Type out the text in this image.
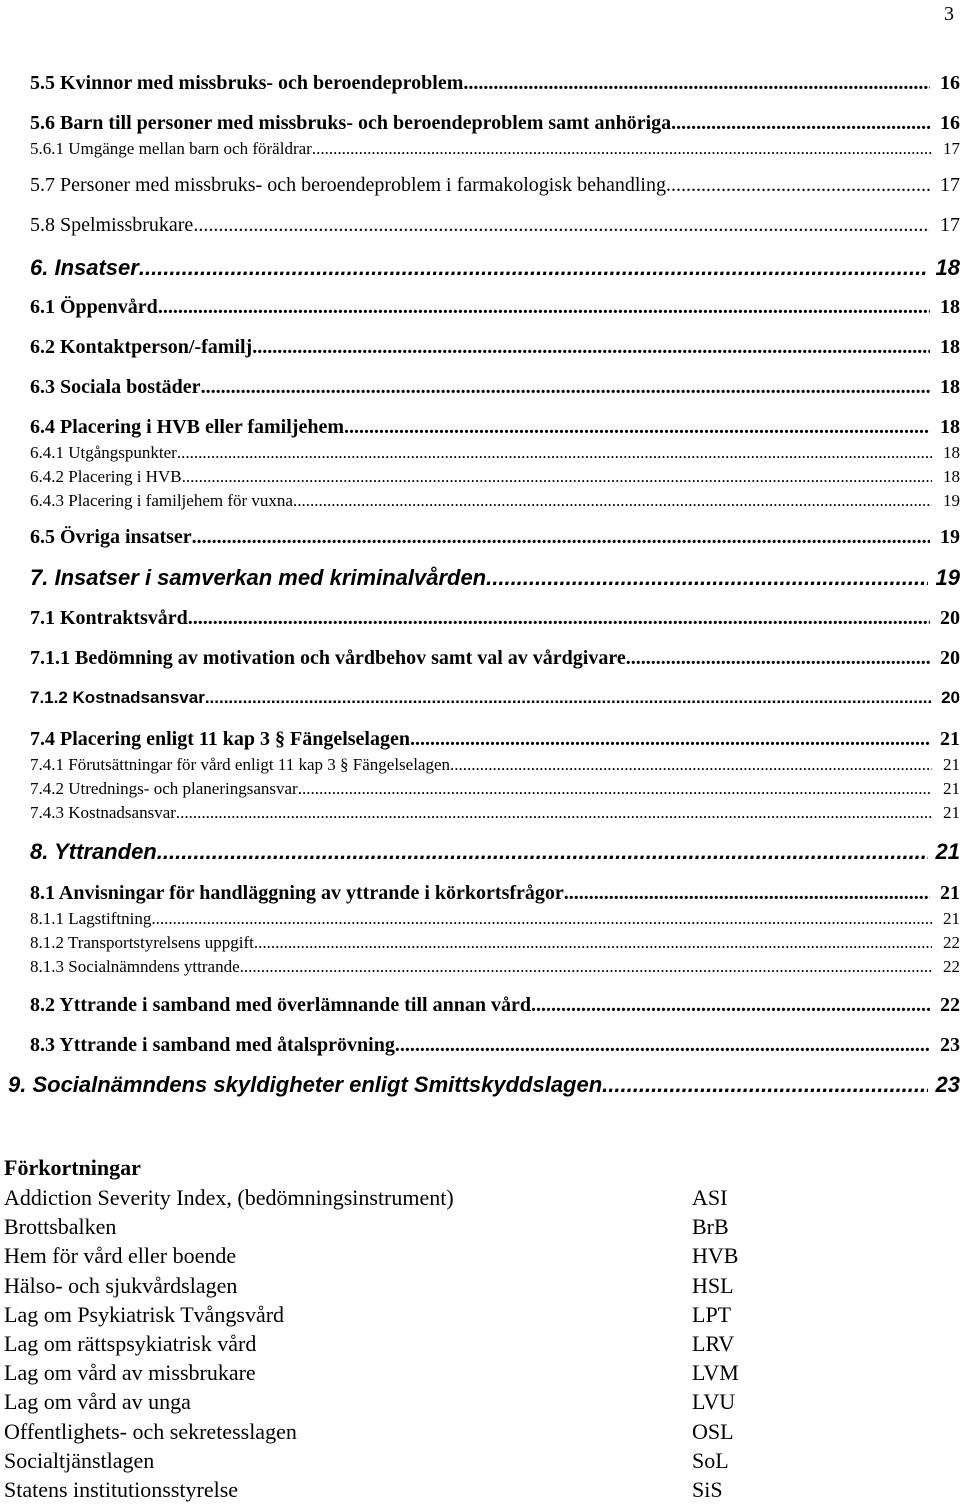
3
5.5 Kvinnor med missbruks- och beroendeproblem .....	16
5.6 Barn till personer med missbruks- och beroendeproblem samt anhöriga .....	16
5.6.1 Umgänge mellan barn och föräldrar .....	17
5.7 Personer med missbruks- och beroendeproblem i farmakologisk behandling .....	17
5.8 Spelmissbrukare .....	17
6. Insatser .....	18
6.1 Öppenvård .....	18
6.2 Kontaktperson/-familj .....	18
6.3 Sociala bostäder .....	18
6.4 Placering i HVB eller familjehem .....	18
6.4.1 Utgångspunkter .....	18
6.4.2 Placering i HVB .....	18
6.4.3 Placering i familjehem för vuxna .....	19
6.5 Övriga insatser .....	19
7. Insatser i samverkan med kriminalvården .....	19
7.1 Kontraktsvård .....	20
7.1.1 Bedömning av motivation och vårdbehov samt val av vårdgivare .....	20
7.1.2 Kostnadsansvar .....	20
7.4 Placering enligt 11 kap 3 § Fängelselagen .....	21
7.4.1 Förutsättningar för vård enligt 11 kap 3 § Fängelselagen .....	21
7.4.2 Utrednings- och planeringsansvar .....	21
7.4.3 Kostnadsansvar .....	21
8. Yttranden .....	21
8.1 Anvisningar för handläggning av yttrande i körkortsfrågor .....	21
8.1.1 Lagstiftning .....	21
8.1.2 Transportstyrelsens uppgift .....	22
8.1.3 Socialnämndens yttrande .....	22
8.2 Yttrande i samband med överlämnande till annan vård .....	22
8.3 Yttrande i samband med åtalsprövning .....	23
9. Socialnämndens skyldigheter enligt Smittskyddslagen .....	23
Förkortningar
Addiction Severity Index, (bedömningsinstrument)	ASI
Brottsbalken	BrB
Hem för vård eller boende	HVB
Hälso- och sjukvårdslagen	HSL
Lag om Psykiatrisk Tvångsvård	LPT
Lag om rättspsykiatrisk vård	LRV
Lag om vård av missbrukare	LVM
Lag om vård av unga	LVU
Offentlighets- och sekretesslagen	OSL
Socialtjänstlagen	SoL
Statens institutionsstyrelse	SiS
